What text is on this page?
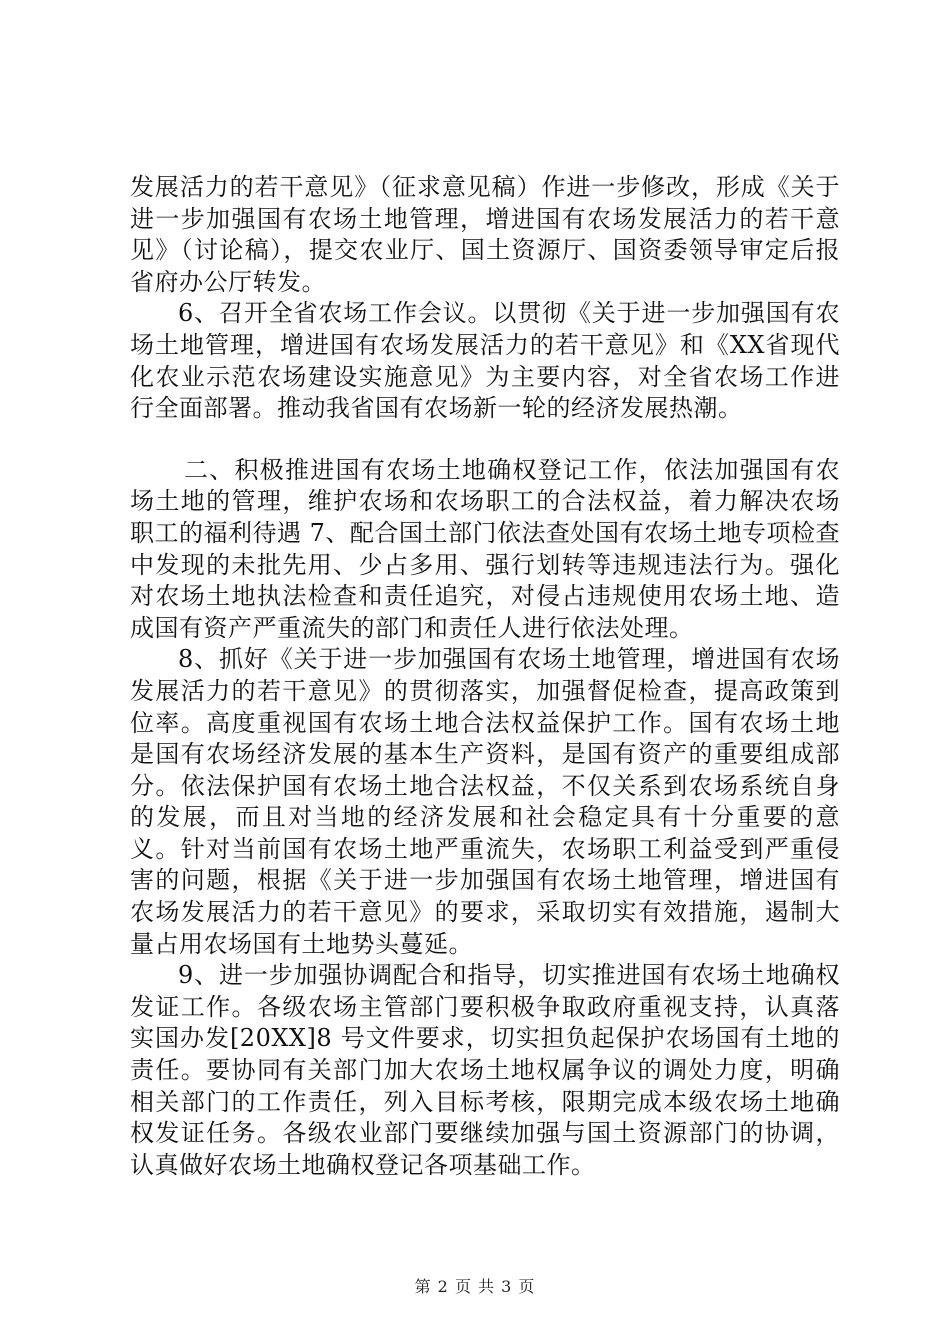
发展活力的若干意见》（征求意见稿）作进一步修改，形成《关于进一步加强国有农场土地管理，增进国有农场发展活力的若干意见》（讨论稿），提交农业厅、国土资源厅、国资委领导审定后报省府办公厅转发。

6、召开全省农场工作会议。以贯彻《关于进一步加强国有农场土地管理，增进国有农场发展活力的若干意见》和《XX省现代化农业示范农场建设实施意见》为主要内容，对全省农场工作进行全面部署。推动我省国有农场新一轮的经济发展热潮。

二、积极推进国有农场土地确权登记工作，依法加强国有农场土地的管理，维护农场和农场职工的合法权益，着力解决农场职工的福利待遇 7、配合国土部门依法查处国有农场土地专项检查中发现的未批先用、少占多用、强行划转等违规违法行为。强化对农场土地执法检查和责任追究，对侵占违规使用农场土地、造成国有资产严重流失的部门和责任人进行依法处理。

8、抓好《关于进一步加强国有农场土地管理，增进国有农场发展活力的若干意见》的贯彻落实，加强督促检查，提高政策到位率。高度重视国有农场土地合法权益保护工作。国有农场土地是国有农场经济发展的基本生产资料，是国有资产的重要组成部分。依法保护国有农场土地合法权益，不仅关系到农场系统自身的发展，而且对当地的经济发展和社会稳定具有十分重要的意义。针对当前国有农场土地严重流失，农场职工利益受到严重侵害的问题，根据《关于进一步加强国有农场土地管理，增进国有农场发展活力的若干意见》的要求，采取切实有效措施，遏制大量占用农场国有土地势头蔓延。

9、进一步加强协调配合和指导，切实推进国有农场土地确权发证工作。各级农场主管部门要积极争取政府重视支持，认真落实国办发[20XX]8 号文件要求，切实担负起保护农场国有土地的责任。要协同有关部门加大农场土地权属争议的调处力度，明确相关部门的工作责任，列入目标考核，限期完成本级农场土地确权发证任务。各级农业部门要继续加强与国土资源部门的协调，认真做好农场土地确权登记各项基础工作。

第 2 页 共 3 页
